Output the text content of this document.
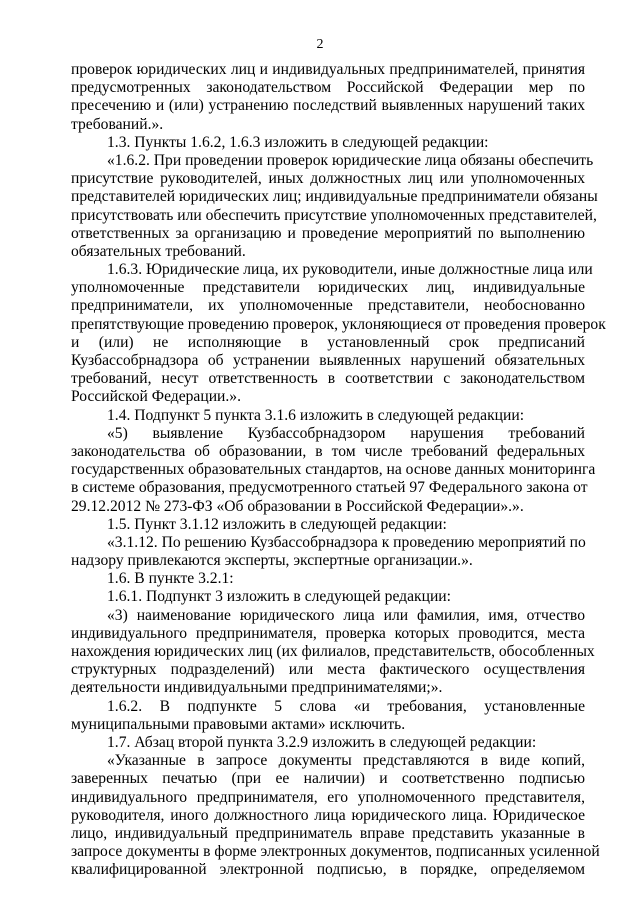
2
проверок юридических лиц и индивидуальных предпринимателей, принятия
предусмотренных законодательством Российской Федерации мер по
пресечению и (или) устранению последствий выявленных нарушений таких
требований.».
1.3. Пункты 1.6.2, 1.6.3 изложить в следующей редакции:
«1.6.2. При проведении проверок юридические лица обязаны обеспечить
присутствие руководителей, иных должностных лиц или уполномоченных
представителей юридических лиц; индивидуальные предприниматели обязаны
присутствовать или обеспечить присутствие уполномоченных представителей,
ответственных за организацию и проведение мероприятий по выполнению
обязательных требований.
1.6.3. Юридические лица, их руководители, иные должностные лица или
уполномоченные представители юридических лиц, индивидуальные
предприниматели, их уполномоченные представители, необоснованно
препятствующие проведению проверок, уклоняющиеся от проведения проверок
и (или) не исполняющие в установленный срок предписаний
Кузбассобрнадзора об устранении выявленных нарушений обязательных
требований, несут ответственность в соответствии с законодательством
Российской Федерации.».
1.4. Подпункт 5 пункта 3.1.6 изложить в следующей редакции:
«5) выявление Кузбассобрнадзором нарушения требований
законодательства об образовании, в том числе требований федеральных
государственных образовательных стандартов, на основе данных мониторинга
в системе образования, предусмотренного статьей 97 Федерального закона от
29.12.2012 № 273-ФЗ «Об образовании в Российской Федерации».».
1.5. Пункт 3.1.12 изложить в следующей редакции:
«3.1.12. По решению Кузбассобрнадзора к проведению мероприятий по
надзору привлекаются эксперты, экспертные организации.».
1.6. В пункте 3.2.1:
1.6.1. Подпункт 3 изложить в следующей редакции:
«3) наименование юридического лица или фамилия, имя, отчество
индивидуального предпринимателя, проверка которых проводится, места
нахождения юридических лиц (их филиалов, представительств, обособленных
структурных подразделений) или места фактического осуществления
деятельности индивидуальными предпринимателями;».
1.6.2. В подпункте 5 слова «и требования, установленные
муниципальными правовыми актами» исключить.
1.7. Абзац второй пункта 3.2.9 изложить в следующей редакции:
«Указанные в запросе документы представляются в виде копий,
заверенных печатью (при ее наличии) и соответственно подписью
индивидуального предпринимателя, его уполномоченного представителя,
руководителя, иного должностного лица юридического лица. Юридическое
лицо, индивидуальный предприниматель вправе представить указанные в
запросе документы в форме электронных документов, подписанных усиленной
квалифицированной электронной подписью, в порядке, определяемом
